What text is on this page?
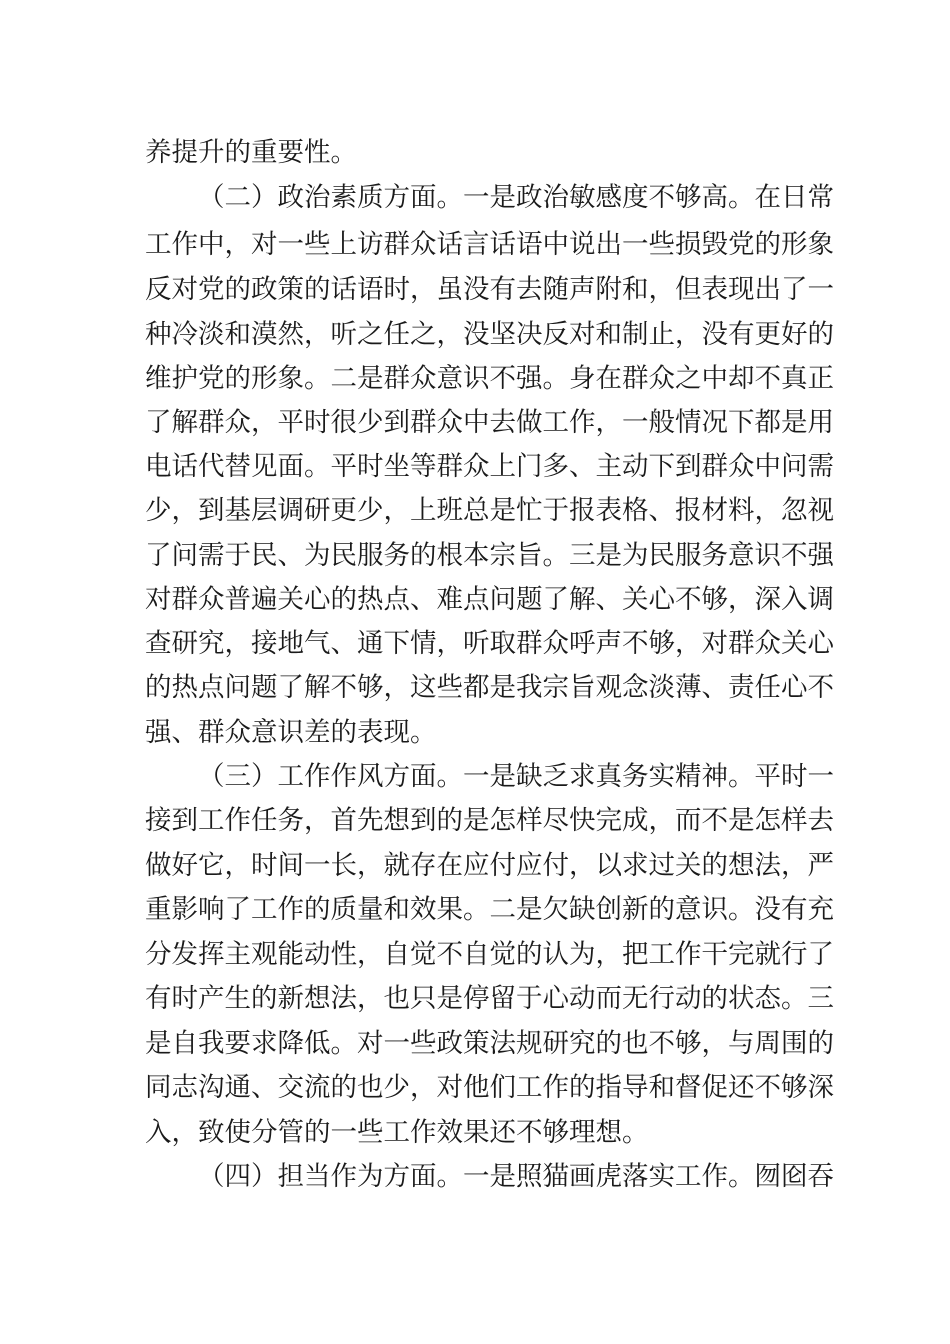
养提升的重要性。
（二）政治素质方面。一是政治敏感度不够高。在日常
工作中，对一些上访群众话言话语中说出一些损毁党的形象
反对党的政策的话语时，虽没有去随声附和，但表现出了一
种冷淡和漠然，听之任之，没坚决反对和制止，没有更好的
维护党的形象。二是群众意识不强。身在群众之中却不真正
了解群众，平时很少到群众中去做工作，一般情况下都是用
电话代替见面。平时坐等群众上门多、主动下到群众中问需
少，到基层调研更少，上班总是忙于报表格、报材料，忽视
了问需于民、为民服务的根本宗旨。三是为民服务意识不强
对群众普遍关心的热点、难点问题了解、关心不够，深入调
查研究，接地气、通下情，听取群众呼声不够，对群众关心
的热点问题了解不够，这些都是我宗旨观念淡薄、责任心不
强、群众意识差的表现。
（三）工作作风方面。一是缺乏求真务实精神。平时一
接到工作任务，首先想到的是怎样尽快完成，而不是怎样去
做好它，时间一长，就存在应付应付，以求过关的想法，严
重影响了工作的质量和效果。二是欠缺创新的意识。没有充
分发挥主观能动性，自觉不自觉的认为，把工作干完就行了
有时产生的新想法，也只是停留于心动而无行动的状态。三
是自我要求降低。对一些政策法规研究的也不够，与周围的
同志沟通、交流的也少，对他们工作的指导和督促还不够深
入，致使分管的一些工作效果还不够理想。
（四）担当作为方面。一是照猫画虎落实工作。囫囵吞
